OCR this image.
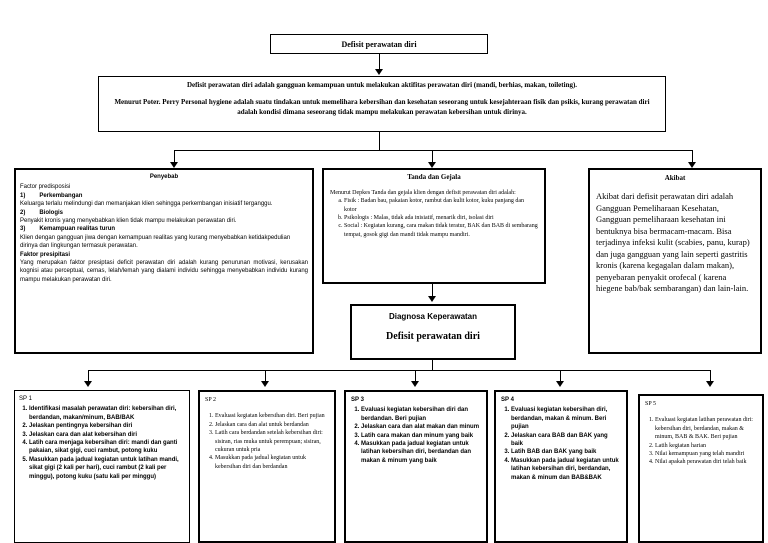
Defisit perawatan diri

Defisit perawatan diri adalah gangguan kemampuan untuk melakukan aktifitas perawatan diri (mandi, berhias, makan, toileting).

Menurut Poter. Perry Personal hygiene adalah suatu tindakan untuk memelihara kebersihan dan kesehatan seseorang untuk kesejahteraan fisik dan psikis, kurang perawatan diri adalah kondisi dimana seseorang tidak mampu melakukan perawatan kebersihan untuk dirinya.

Penyebab

Factor predisposisi

1) Perkembangan

Keluarga terlalu melindungi dan memanjakan klien sehingga perkembangan inisiatif terganggu.

2) Biologis

Penyakit kronis yang menyebabkan klien tidak mampu melakukan perawatan diri.

3) Kemampuan realitas turun

Klien dengan gangguan jiwa dengan kemampuan realitas yang kurang menyebabkan ketidakpedulian dirinya dan lingkungan termasuk perawatan.

Faktor presipitasi

Yang merupakan faktor presiptasi deficit perawatan diri adalah kurang penurunan motivasi, kerusakan kognisi atau perceptual, cemas, lelah/lemah yang dialami individu sehingga menyebabkan individu kurang mampu melakukan perawatan diri.

Tanda dan Gejala

Menurut Depkes Tanda dan gejala klien dengan defisit perawatan diri adalah:

a. Fisik : Badan bau, pakaian kotor, rambut dan kulit kotor, kuku panjang dan kotor
b. Psikologis : Malas, tidak ada inisiatif, menarik diri, isolasi diri
c. Social : Kegiatan kurang, cara makan tidak teratur, BAK dan BAB di sembarang tempat, gosok gigi dan mandi tidak mampu mandiri.
Akibat

Akibat dari defisit perawatan diri adalah Gangguan Pemeliharaan Kesehatan, Gangguan pemeliharaan kesehatan ini bentuknya bisa bermacam-macam. Bisa terjadinya infeksi kulit (scabies, panu, kurap) dan juga gangguan yang lain seperti gastritis kronis (karena kegagalan dalam makan), penyebaran penyakit orofecal ( karena hiegene bab/bak sembarangan) dan lain-lain.

Diagnosa Keperawatan
Defisit perawatan diri
SP 1
1. Identifikasi masalah perawatan diri: kebersihan diri, berdandan, makan/minum, BAB/BAK
2. Jelaskan pentingnya kebersihan diri
3. Jelaskan cara dan alat kebersihan diri
4. Latih cara menjaga kebersihan diri: mandi dan ganti pakaian, sikat gigi, cuci rambut, potong kuku
5. Masukkan pada jadual kegiatan untuk latihan mandi, sikat gigi (2 kali per hari), cuci rambut (2 kali per minggu), potong kuku (satu kali per minggu)
SP 2
1. Evaluasi kegiatan kebersihan diri. Beri pujian
2. Jelaskan cara dan alat untuk berdandan
3. Latih cara berdandan setelah kebersihan diri: sisiran, rias muka untuk perempuan; sisiran, cukuran untuk pria
4. Masukkan pada jadual kegiatan untuk kebersihan diri dan berdandan
SP 3
1. Evaluasi kegiatan kebersihan diri dan berdandan. Beri pujian
2. Jelaskan cara dan alat makan dan minum
3. Latih cara makan dan minum yang baik
4. Masukkan pada jadual kegiatan untuk latihan kebersihan diri, berdandan dan makan & minum yang baik
SP 4
1. Evaluasi kegiatan kebersihan diri, berdandan, makan & minum. Beri pujian
2. Jelaskan cara BAB dan BAK yang baik
3. Latih BAB dan BAK yang baik
4. Masukkan pada jadual kegiatan untuk latihan kebersihan diri, berdandan, makan & minum dan BAB&BAK
SP 5
1. Evaluasi kegiatan latihan perawatan diri: kebersihan diri, berdandan, makan & minum, BAB & BAK. Beri pujian
2. Latih kegiatan harian
3. Nilai kemampuan yang telah mandiri
4. Nilai apakah perawatan diri telah baik
